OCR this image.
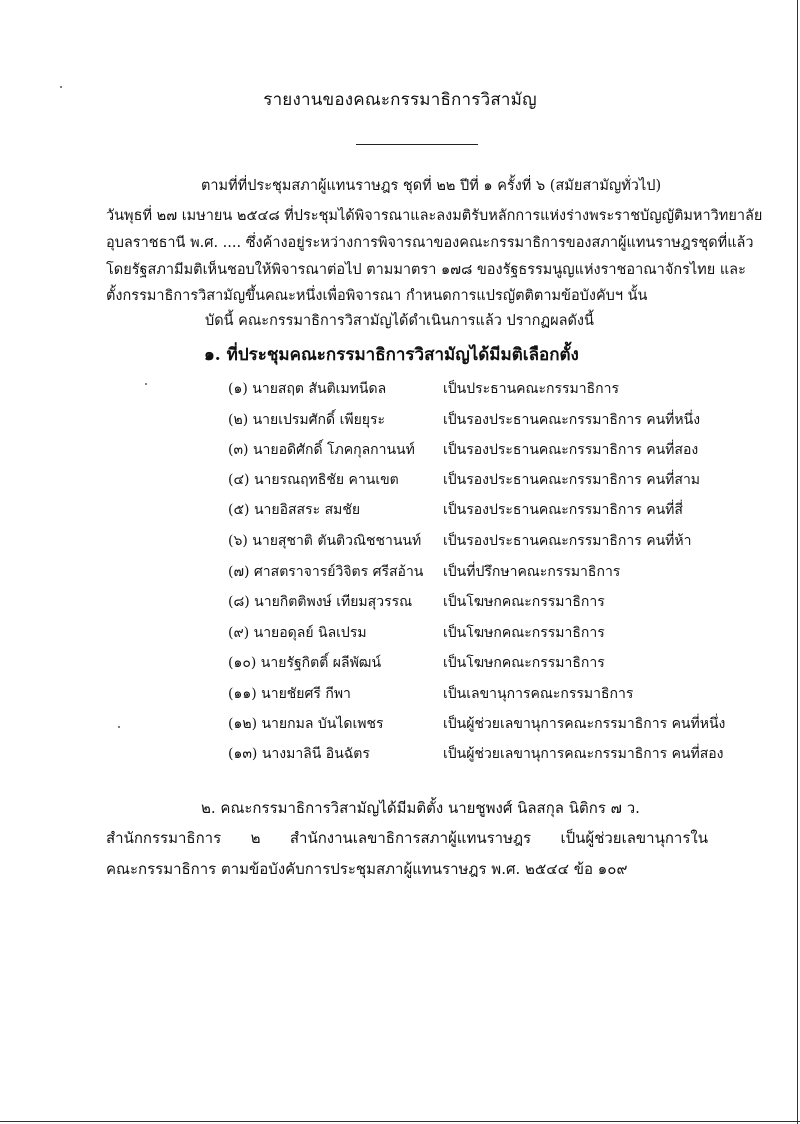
รายงานของคณะกรรมาธิการวิสามัญ
ตามที่ที่ประชุมสภาผู้แทนราษฎร ชุดที่ ๒๒ ปีที่ ๑ ครั้งที่ ๖ (สมัยสามัญทั่วไป)
วันพุธที่ ๒๗ เมษายน ๒๕๔๘ ที่ประชุมได้พิจารณาและลงมติรับหลักการแห่งร่างพระราชบัญญัติมหาวิทยาลัย
อุบลราชธานี พ.ศ. .... ซึ่งค้างอยู่ระหว่างการพิจารณาของคณะกรรมาธิการของสภาผู้แทนราษฎรชุดที่แล้ว
โดยรัฐสภามีมติเห็นชอบให้พิจารณาต่อไป ตามมาตรา ๑๗๘ ของรัฐธรรมนูญแห่งราชอาณาจักรไทย และ
ตั้งกรรมาธิการวิสามัญขึ้นคณะหนึ่งเพื่อพิจารณา กำหนดการแปรญัตติตามข้อบังคับฯ นั้น
บัดนี้ คณะกรรมาธิการวิสามัญได้ดำเนินการแล้ว ปรากฏผลดังนี้
๑. ที่ประชุมคณะกรรมาธิการวิสามัญได้มีมติเลือกตั้ง
(๑) นายสฤต สันติเมทนีดล	เป็นประธานคณะกรรมาธิการ
(๒) นายเปรมศักดิ์ เพียยุระ	เป็นรองประธานคณะกรรมาธิการ คนที่หนึ่ง
(๓) นายอดิศักดิ์ โภคกุลกานนท์ เป็นรองประธานคณะกรรมาธิการ คนที่สอง
(๔) นายรณฤทธิชัย คานเขต	เป็นรองประธานคณะกรรมาธิการ คนที่สาม
(๕) นายอิสสระ สมชัย	เป็นรองประธานคณะกรรมาธิการ คนที่สี่
(๖) นายสุชาติ ตันติวณิชชานนท์ เป็นรองประธานคณะกรรมาธิการ คนที่ห้า
(๗) ศาสตราจารย์วิจิตร ศรีสอ้าน เป็นที่ปรึกษาคณะกรรมาธิการ
(๘) นายกิตติพงษ์ เทียมสุวรรณ เป็นโฆษกคณะกรรมาธิการ
(๙) นายอดุลย์ นิลเปรม	เป็นโฆษกคณะกรรมาธิการ
(๑๐) นายรัฐกิตติ์ ผลีพัฒน์	เป็นโฆษกคณะกรรมาธิการ
(๑๑) นายชัยศรี กีพา	เป็นเลขานุการคณะกรรมาธิการ
(๑๒) นายกมล บันไดเพชร	เป็นผู้ช่วยเลขานุการคณะกรรมาธิการ คนที่หนึ่ง
(๑๓) นางมาลินี อินฉัตร	เป็นผู้ช่วยเลขานุการคณะกรรมาธิการ คนที่สอง
๒. คณะกรรมาธิการวิสามัญได้มีมติตั้ง นายชูพงศ์ นิลสกุล นิติกร ๗ ว.
สำนักกรรมาธิการ ๒ สำนักงานเลขาธิการสภาผู้แทนราษฎร เป็นผู้ช่วยเลขานุการใน
คณะกรรมาธิการ ตามข้อบังคับการประชุมสภาผู้แทนราษฎร พ.ศ. ๒๕๔๔ ข้อ ๑๐๙
